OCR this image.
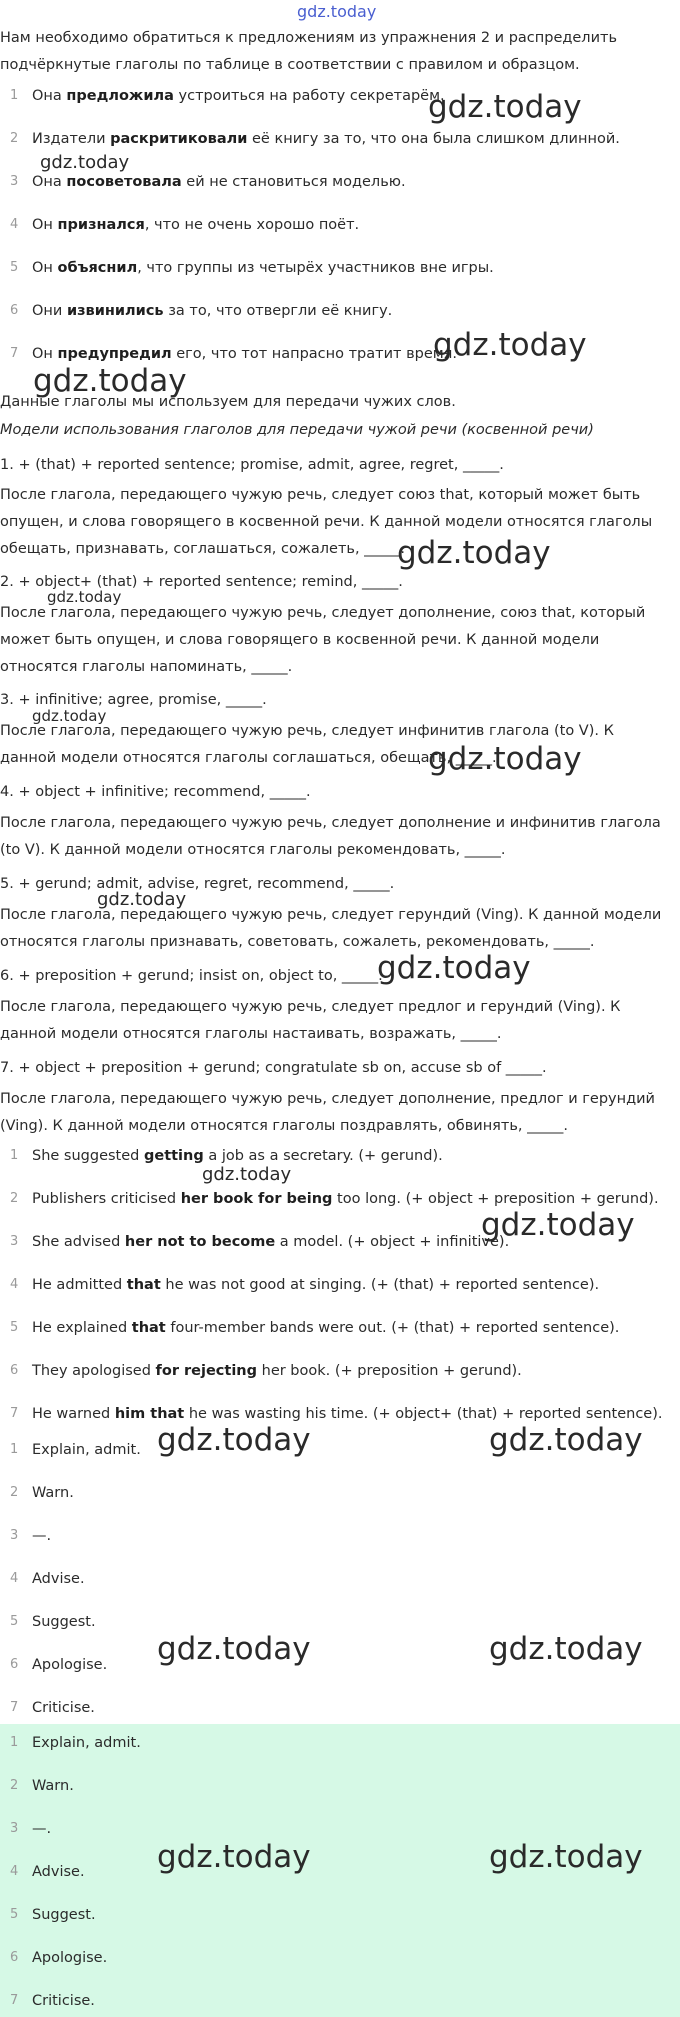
gdz.today
Нам необходимо обратиться к предложениям из упражнения 2 и распределить подчёркнутые глаголы по таблице в соответствии с правилом и образцом.
1 Она предложила устроиться на работу секретарём.
2 Издатели раскритиковали её книгу за то, что она была слишком длинной.
3 Она посоветовала ей не становиться моделью.
4 Он признался, что не очень хорошо поёт.
5 Он объяснил, что группы из четырёх участников вне игры.
6 Они извинились за то, что отвергли её книгу.
7 Он предупредил его, что тот напрасно тратит время.
Данные глаголы мы используем для передачи чужих слов.
Модели использования глаголов для передачи чужой речи (косвенной речи)
1. + (that) + reported sentence; promise, admit, agree, regret, _____.
После глагола, передающего чужую речь, следует союз that, который может быть опущен, и слова говорящего в косвенной речи. К данной модели относятся глаголы обещать, признавать, соглашаться, сожалеть, _____.
2. + object+ (that) + reported sentence; remind, _____.
После глагола, передающего чужую речь, следует дополнение, союз that, который может быть опущен, и слова говорящего в косвенной речи. К данной модели относятся глаголы напоминать, _____.
3. + infinitive; agree, promise, _____.
После глагола, передающего чужую речь, следует инфинитив глагола (to V). К данной модели относятся глаголы соглашаться, обещать, _____.
4. + object + infinitive; recommend, _____.
После глагола, передающего чужую речь, следует дополнение и инфинитив глагола (to V). К данной модели относятся глаголы рекомендовать, _____.
5. + gerund; admit, advise, regret, recommend, _____.
После глагола, передающего чужую речь, следует герундий (Ving). К данной модели относятся глаголы признавать, советовать, сожалеть, рекомендовать, _____.
6. + preposition + gerund; insist on, object to, _____.
После глагола, передающего чужую речь, следует предлог и герундий (Ving). К данной модели относятся глаголы настаивать, возражать, _____.
7. + object + preposition + gerund; congratulate sb on, accuse sb of _____.
После глагола, передающего чужую речь, следует дополнение, предлог и герундий (Ving). К данной модели относятся глаголы поздравлять, обвинять, _____.
1 She suggested getting a job as a secretary. (+ gerund).
2 Publishers criticised her book for being too long. (+ object + preposition + gerund).
3 She advised her not to become a model. (+ object + infinitive).
4 He admitted that he was not good at singing. (+ (that) + reported sentence).
5 He explained that four-member bands were out. (+ (that) + reported sentence).
6 They apologised for rejecting her book. (+ preposition + gerund).
7 He warned him that he was wasting his time. (+ object+ (that) + reported sentence).
1 Explain, admit.
2 Warn.
3 —.
4 Advise.
5 Suggest.
6 Apologise.
7 Criticise.
1 Explain, admit.
2 Warn.
3 —.
4 Advise.
5 Suggest.
6 Apologise.
7 Criticise.
gdz.today
gdz.today
gdz.today
gdz.today
gdz.today
gdz.today
gdz.today
gdz.today
gdz.today
gdz.today
gdz.today
gdz.today
gdz.today	gdz.today
gdz.today	gdz.today
gdz.today	gdz.today
